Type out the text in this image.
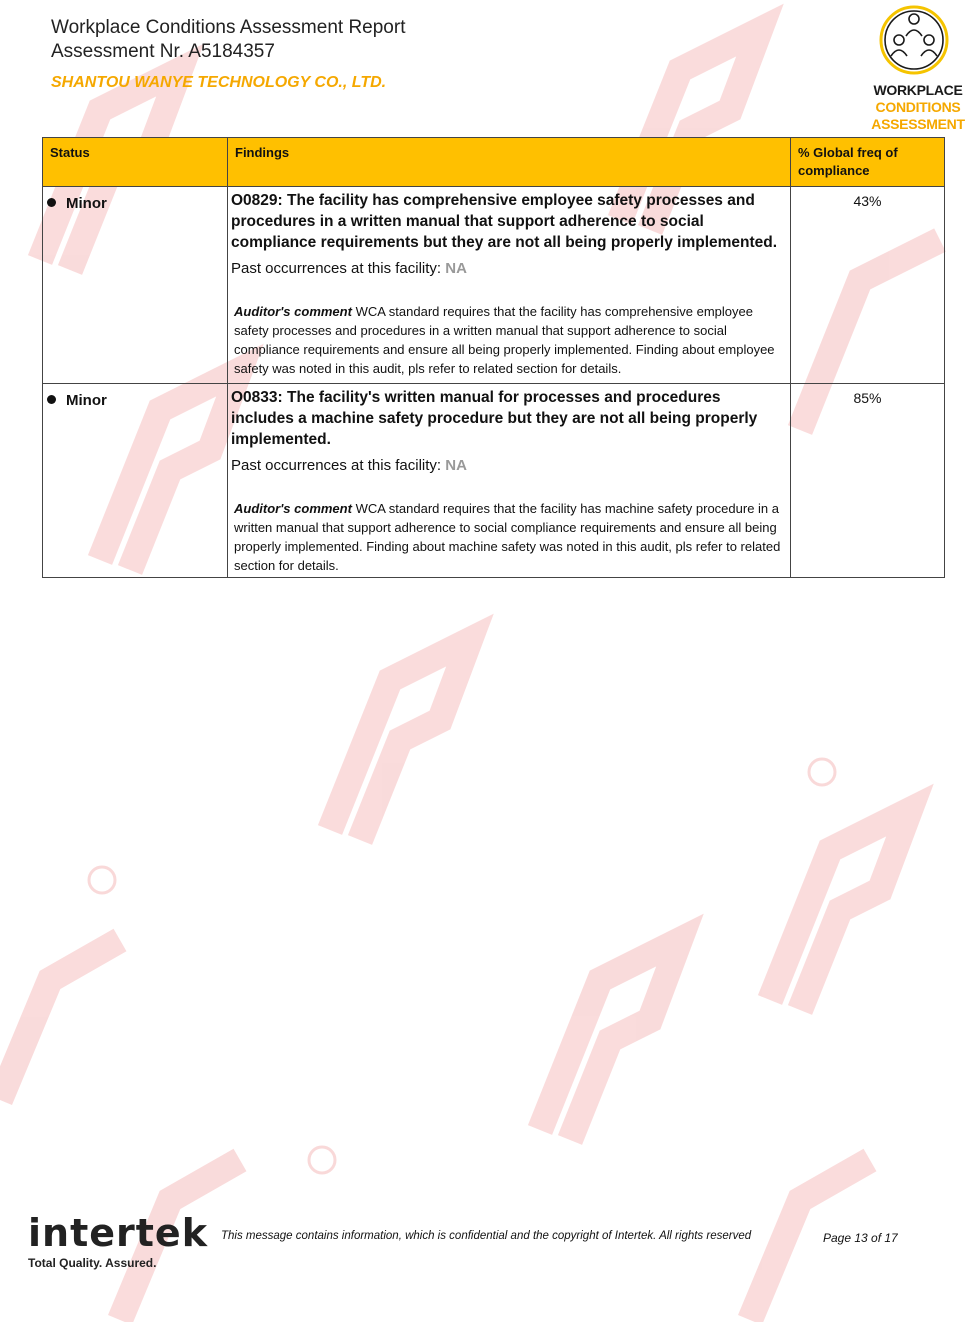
Workplace Conditions Assessment Report
Assessment Nr. A5184357
SHANTOU WANYE TECHNOLOGY CO., LTD.	WORKPLACE
CONDITIONS
ASSESSMENT
Status	Findings	% Global freq of compliance
Minor	O0829: The facility has comprehensive employee safety processes and procedures in a written manual that support adherence to social compliance requirements but they are not all being properly implemented.

Past occurrences at this facility: NA
Auditor's comment WCA standard requires that the facility has comprehensive employee safety processes and procedures in a written manual that support adherence to social compliance requirements and ensure all being properly implemented. Finding about employee safety was noted in this audit, pls refer to related section for details.	43%
Minor	O0833: The facility's written manual for processes and procedures includes a machine safety procedure but they are not all being properly implemented.

Past occurrences at this facility: NA
Auditor's comment WCA standard requires that the facility has machine safety procedure in a written manual that support adherence to social compliance requirements and ensure all being properly implemented. Finding about machine safety was noted in this audit, pls refer to related section for details.	85%
intertek
Total Quality. Assured.
This message contains information, which is confidential and the copyright of Intertek. All rights reserved	Page 13 of 17
